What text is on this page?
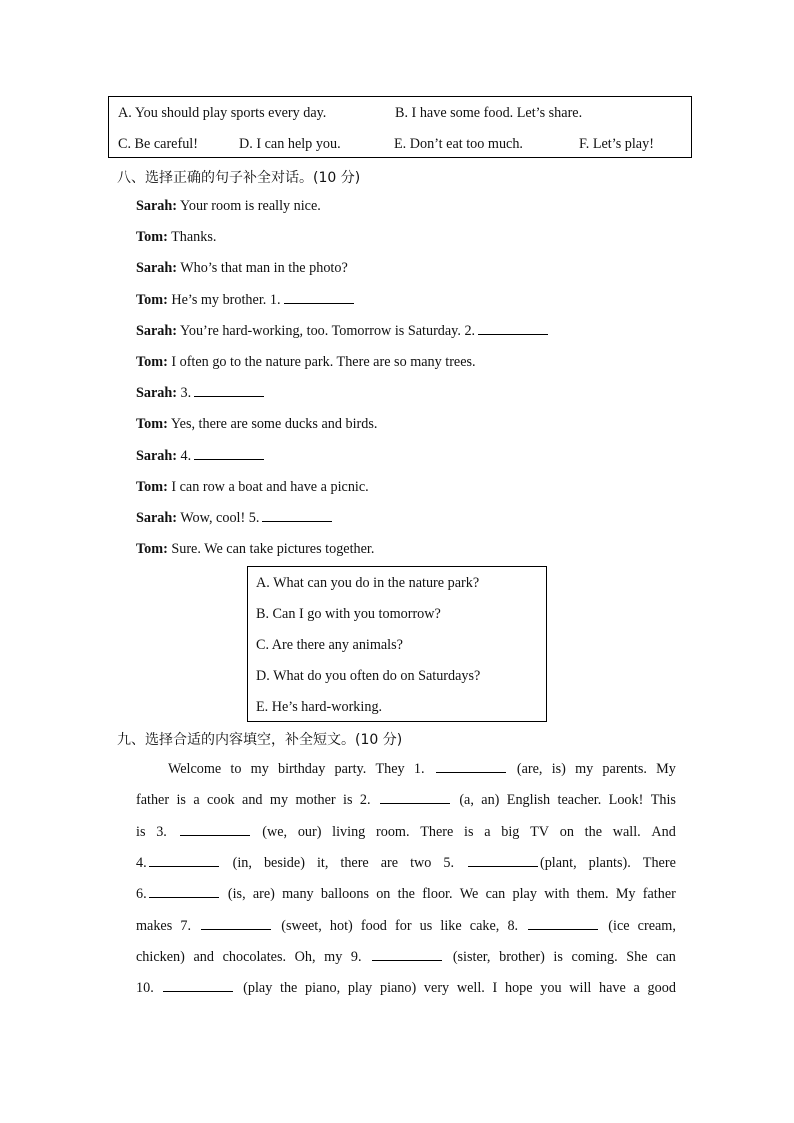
A. You should play sports every day.	B. I have some food. Let’s share.
C. Be careful!	D. I can help you.	E. Don’t eat too much.	F. Let’s play!
八、选择正确的句子补全对话。(10 分)
Sarah: Your room is really nice.
Tom: Thanks.
Sarah: Who’s that man in the photo?
Tom: He’s my brother. 1.
Sarah: You’re hard-working, too. Tomorrow is Saturday. 2.
Tom: I often go to the nature park. There are so many trees.
Sarah: 3.
Tom: Yes, there are some ducks and birds.
Sarah: 4.
Tom: I can row a boat and have a picnic.
Sarah: Wow, cool! 5.
Tom: Sure. We can take pictures together.
A. What can you do in the nature park?
B. Can I go with you tomorrow?
C. Are there any animals?
D. What do you often do on Saturdays?
E. He’s hard-working.
九、选择合适的内容填空，补全短文。(10 分)
Welcome to my birthday party. They 1.	(are, is) my parents. My
father is a cook and my mother is 2.	(a, an) English teacher. Look! This
is 3.	(we, our) living room. There is a big TV on the wall. And
4.	(in, beside) it, there are two 5.	(plant, plants). There
6.	(is, are) many balloons on the floor. We can play with them. My father
makes 7.	(sweet, hot) food for us like cake, 8.	(ice cream,
chicken) and chocolates. Oh, my 9.	(sister, brother) is coming. She can
10.	(play the piano, play piano) very well. I hope you will have a good
